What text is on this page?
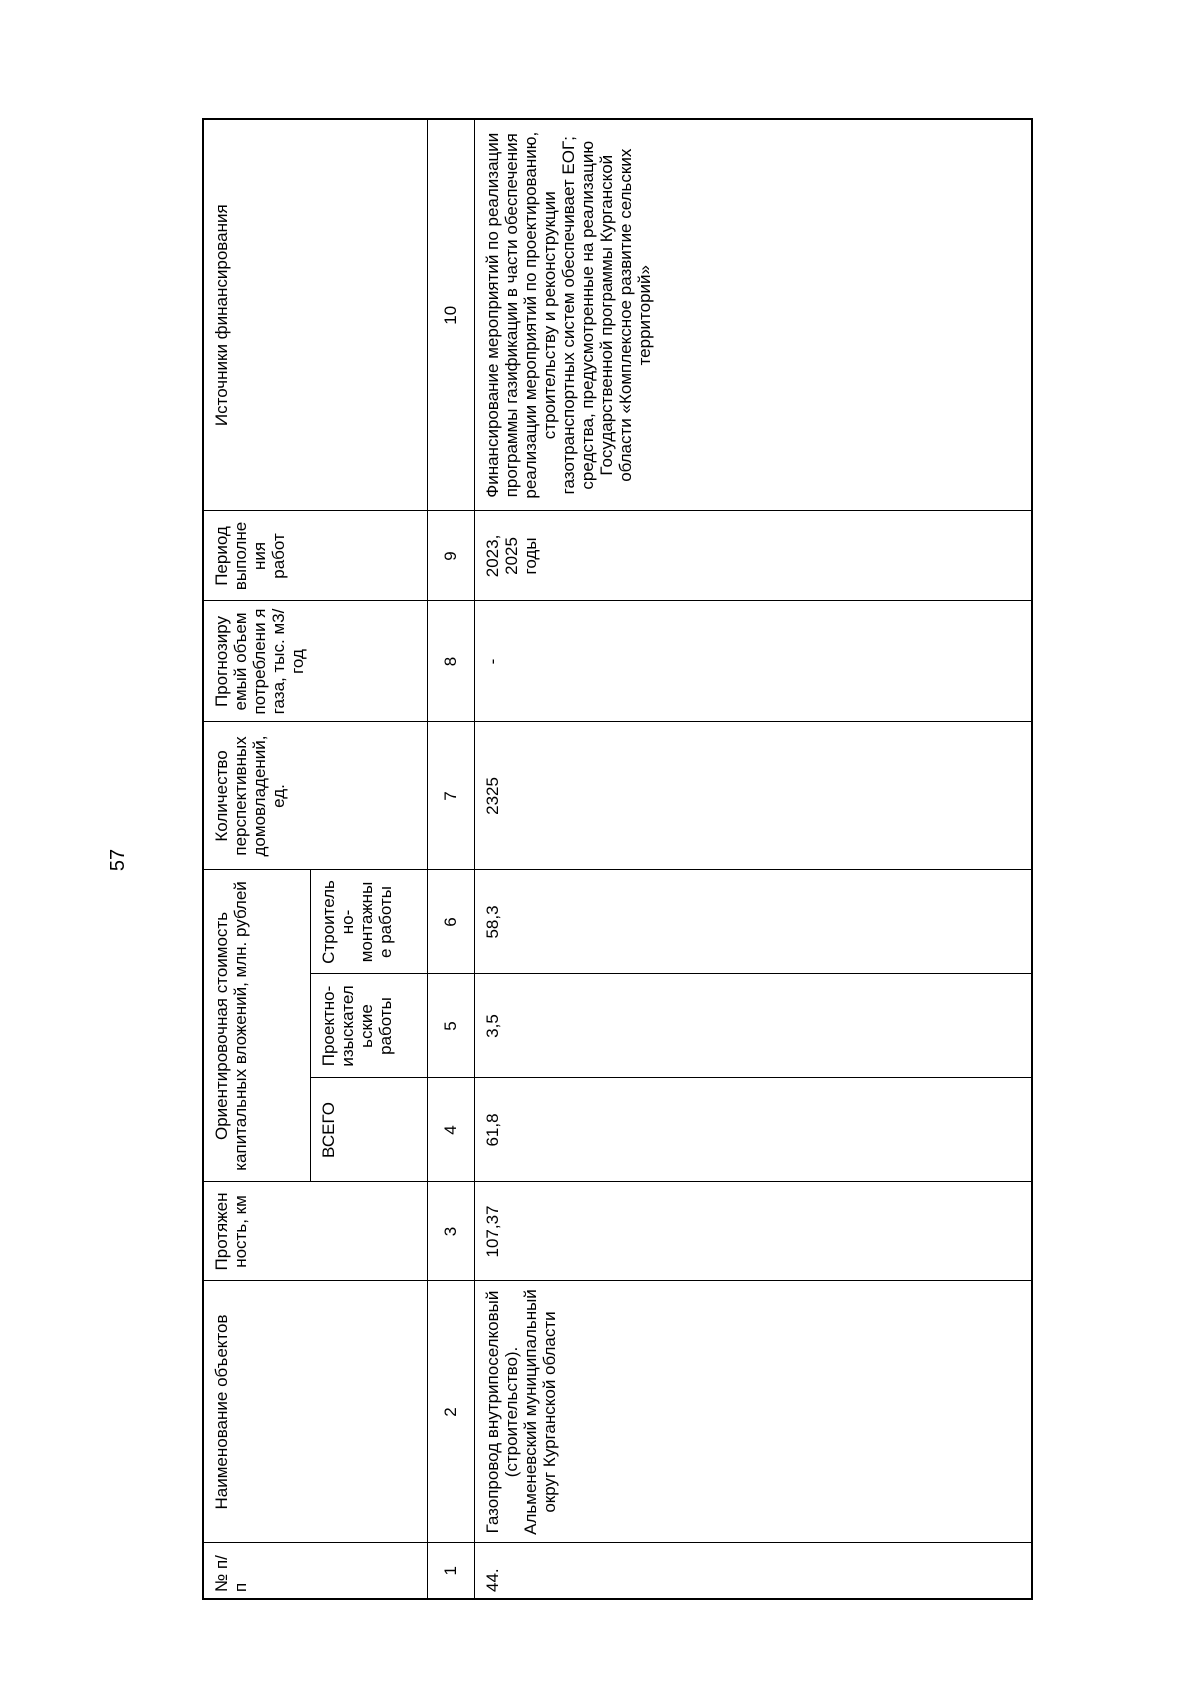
57
№ п/п	Наименование объектов	Протяжен ность, км	Ориентировочная стоимость капитальных вложений, млн. рублей			Количество перспективных домовладений, ед.	Прогнозиру емый объем потреблени я газа, тыс. м3/год	Период выполне ния работ	Источники финансирования
			ВСЕГО	Проектно-изыскател ьские работы	Строитель но-монтажны е работы				
1	2	3	4	5	6	7	8	9	10
44.	Газопровод внутрипоселковый (строительство). Альменевский муниципальный округ Курганской области	107,37	61,8	3,5	58,3	2325	-	2023, 2025 годы	Финансирование мероприятий по реализации программы газификации в части обеспечения реализации мероприятий по проектированию, строительству и реконструкции газотранспортных систем обеспечивает ЕОГ; средства, предусмотренные на реализацию Государственной программы Курганской области «Комплексное развитие сельских территорий»
